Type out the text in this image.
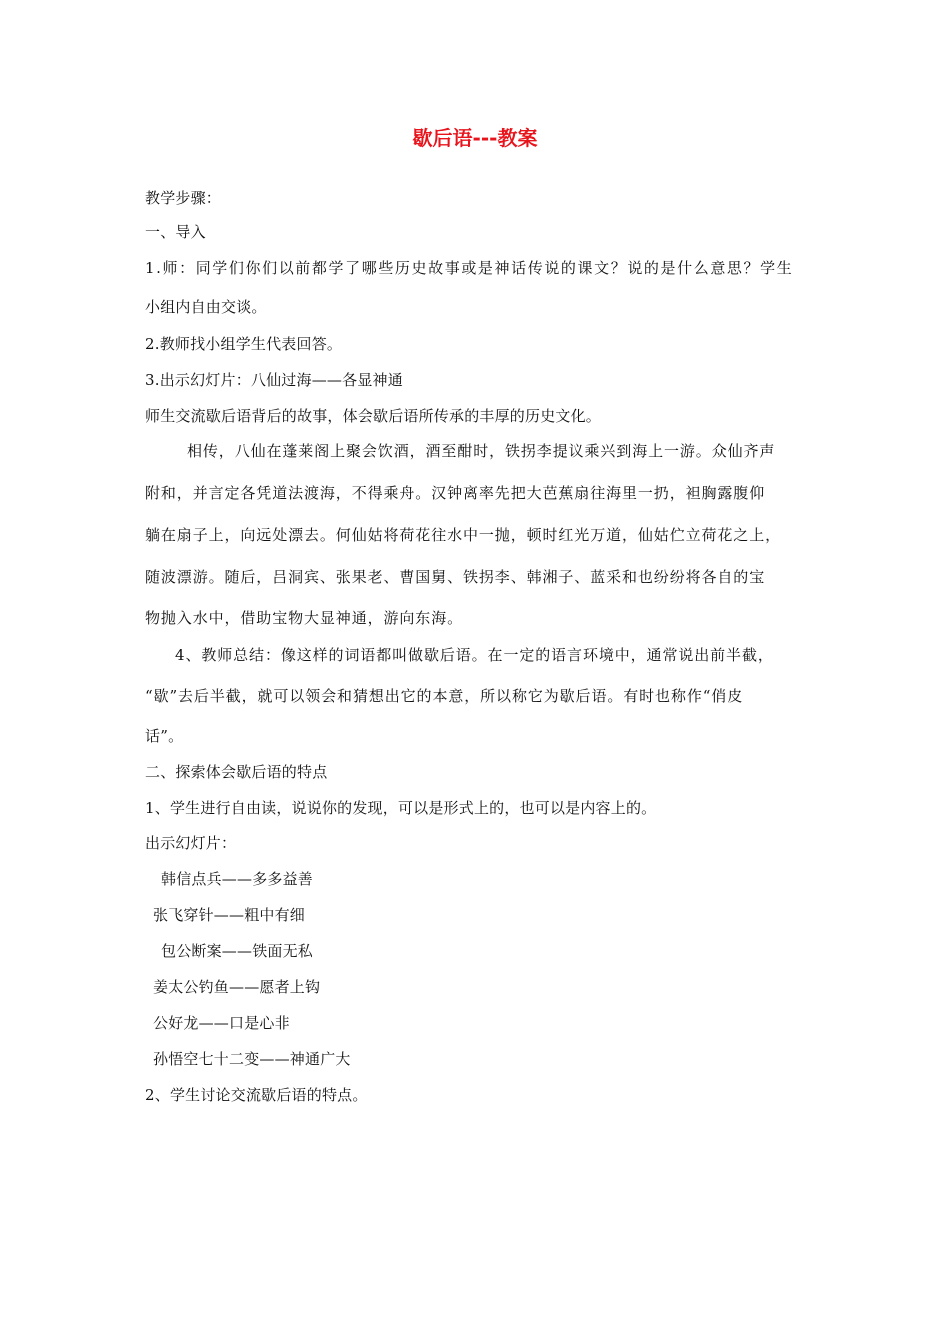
歇后语---教案
教学步骤：
一、导入
1.师：同学们你们以前都学了哪些历史故事或是神话传说的课文？说的是什么意思？学生
小组内自由交谈。
2.教师找小组学生代表回答。
3.出示幻灯片：八仙过海——各显神通
师生交流歇后语背后的故事，体会歇后语所传承的丰厚的历史文化。
相传，八仙在蓬莱阁上聚会饮酒，酒至酣时，铁拐李提议乘兴到海上一游。众仙齐声
附和，并言定各凭道法渡海，不得乘舟。汉钟离率先把大芭蕉扇往海里一扔，袒胸露腹仰
躺在扇子上，向远处漂去。何仙姑将荷花往水中一抛，顿时红光万道，仙姑伫立荷花之上，
随波漂游。随后，吕洞宾、张果老、曹国舅、铁拐李、韩湘子、蓝采和也纷纷将各自的宝
物抛入水中，借助宝物大显神通，游向东海。
4、教师总结：像这样的词语都叫做歇后语。在一定的语言环境中，通常说出前半截，
“歇”去后半截，就可以领会和猜想出它的本意，所以称它为歇后语。有时也称作“俏皮
话”。
二、探索体会歇后语的特点
1、学生进行自由读，说说你的发现，可以是形式上的，也可以是内容上的。
出示幻灯片：
韩信点兵——多多益善
张飞穿针——粗中有细
包公断案——铁面无私
姜太公钓鱼——愿者上钩
公好龙——口是心非
孙悟空七十二变——神通广大
2、学生讨论交流歇后语的特点。
